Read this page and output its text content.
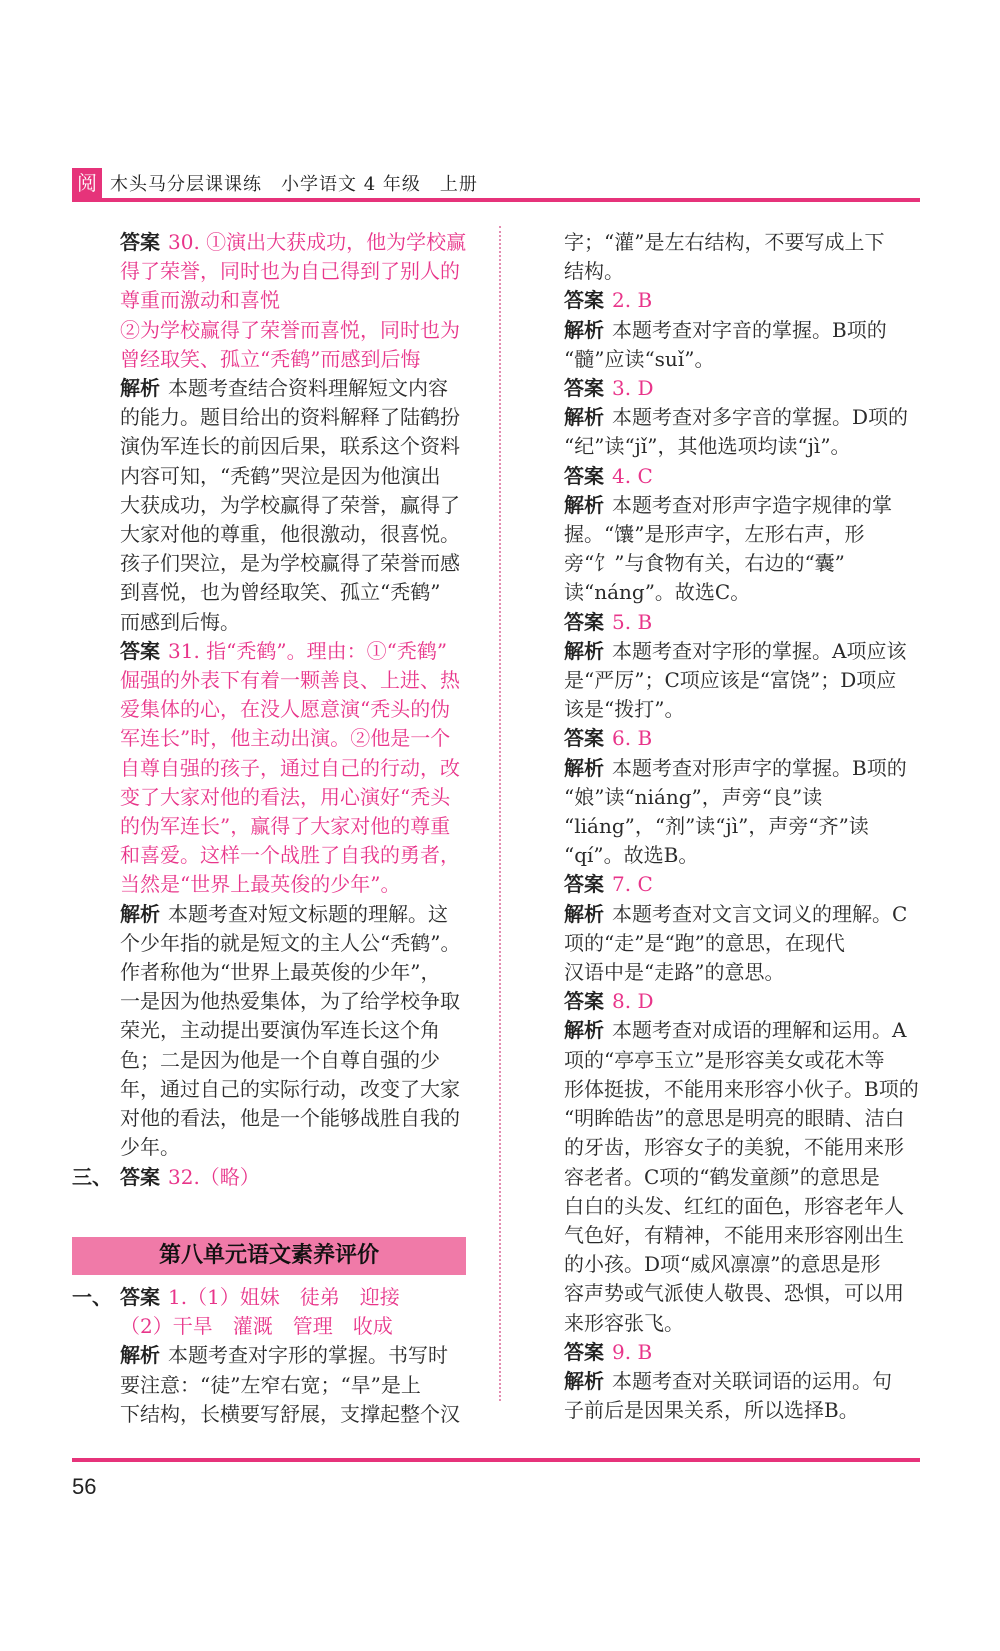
阅 木头马分层课课练　小学语文 4 年级　上册

答案 30. ①演出大获成功，他为学校赢

得了荣誉，同时也为自己得到了别人的

尊重而激动和喜悦

②为学校赢得了荣誉而喜悦，同时也为

曾经取笑、孤立“秃鹤”而感到后悔

解析 本题考查结合资料理解短文内容

的能力。题目给出的资料解释了陆鹤扮

演伪军连长的前因后果，联系这个资料

内容可知，“秃鹤”哭泣是因为他演出

大获成功，为学校赢得了荣誉，赢得了

大家对他的尊重，他很激动，很喜悦。

孩子们哭泣，是为学校赢得了荣誉而感

到喜悦，也为曾经取笑、孤立“秃鹤”

而感到后悔。

答案 31. 指“秃鹤”。理由：①“秃鹤”

倔强的外表下有着一颗善良、上进、热

爱集体的心，在没人愿意演“秃头的伪

军连长”时，他主动出演。②他是一个

自尊自强的孩子，通过自己的行动，改

变了大家对他的看法，用心演好“秃头

的伪军连长”，赢得了大家对他的尊重

和喜爱。这样一个战胜了自我的勇者，

当然是“世界上最英俊的少年”。

解析 本题考查对短文标题的理解。这

个少年指的就是短文的主人公“秃鹤”。

作者称他为“世界上最英俊的少年”，

一是因为他热爱集体，为了给学校争取

荣光，主动提出要演伪军连长这个角

色；二是因为他是一个自尊自强的少

年，通过自己的实际行动，改变了大家

对他的看法，他是一个能够战胜自我的

少年。

三、 答案 32.（略）

第八单元语文素养评价

一、 答案 1.（1）姐妹　徒弟　迎接

（2）干旱　灌溉　管理　收成

解析 本题考查对字形的掌握。书写时

要注意：“徒”左窄右宽；“旱”是上

下结构，长横要写舒展，支撑起整个汉

字；“灌”是左右结构，不要写成上下

结构。

答案 2. B

解析 本题考查对字音的掌握。B项的

“髓”应读“suǐ”。

答案 3. D

解析 本题考查对多字音的掌握。D项的

“纪”读“jǐ”，其他选项均读“jì”。

答案 4. C

解析 本题考查对形声字造字规律的掌

握。“馕”是形声字，左形右声，形

旁“饣”与食物有关，右边的“囊”

读“náng”。故选C。

答案 5. B

解析 本题考查对字形的掌握。A项应该

是“严厉”；C项应该是“富饶”；D项应

该是“拨打”。

答案 6. B

解析 本题考查对形声字的掌握。B项的

“娘”读“niáng”，声旁“良”读

“liáng”，“剂”读“jì”，声旁“齐”读

“qí”。故选B。

答案 7. C

解析 本题考查对文言文词义的理解。C

项的“走”是“跑”的意思，在现代

汉语中是“走路”的意思。

答案 8. D

解析 本题考查对成语的理解和运用。A

项的“亭亭玉立”是形容美女或花木等

形体挺拔，不能用来形容小伙子。B项的

“明眸皓齿”的意思是明亮的眼睛、洁白

的牙齿，形容女子的美貌，不能用来形

容老者。C项的“鹤发童颜”的意思是

白白的头发、红红的面色，形容老年人

气色好，有精神，不能用来形容刚出生

的小孩。D项“威风凛凛”的意思是形

容声势或气派使人敬畏、恐惧，可以用

来形容张飞。

答案 9. B

解析 本题考查对关联词语的运用。句

子前后是因果关系，所以选择B。

56
